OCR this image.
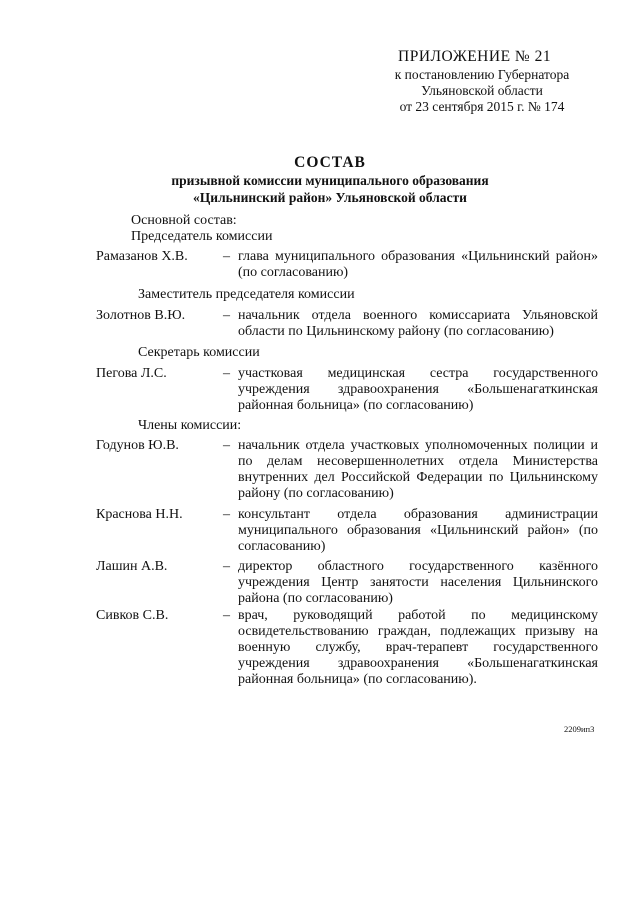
ПРИЛОЖЕНИЕ № 21
к постановлению Губернатора
Ульяновской области
от 23 сентября 2015 г. № 174
СОСТАВ
призывной комиссии муниципального образования
«Цильнинский район» Ульяновской области
Основной состав:
Председатель комиссии
Рамазанов Х.В.	– глава муниципального образования «Цильнинский район» (по согласованию)
Заместитель председателя комиссии
Золотнов В.Ю.	– начальник отдела военного комиссариата Ульяновской области по Цильнинскому району (по согласованию)
Секретарь комиссии
Пегова Л.С.	– участковая медицинская сестра государственного учреждения здравоохранения «Большенагаткинская районная больница» (по согласованию)
Члены комиссии:
Годунов Ю.В.	– начальник отдела участковых уполномоченных полиции и по делам несовершеннолетних отдела Министерства внутренних дел Российской Федерации по Цильнинскому району (по согласованию)
Краснова Н.Н.	– консультант отдела образования администрации муниципального образования «Цильнинский район» (по согласованию)
Лашин А.В.	– директор областного государственного казённого учреждения Центр занятости населения Цильнинского района (по согласованию)
Сивков С.В.	– врач, руководящий работой по медицинскому освидетельствованию граждан, подлежащих призыву на военную службу, врач-терапевт государственного учреждения здравоохранения «Большенагаткинская районная больница» (по согласованию).
2209ип3
